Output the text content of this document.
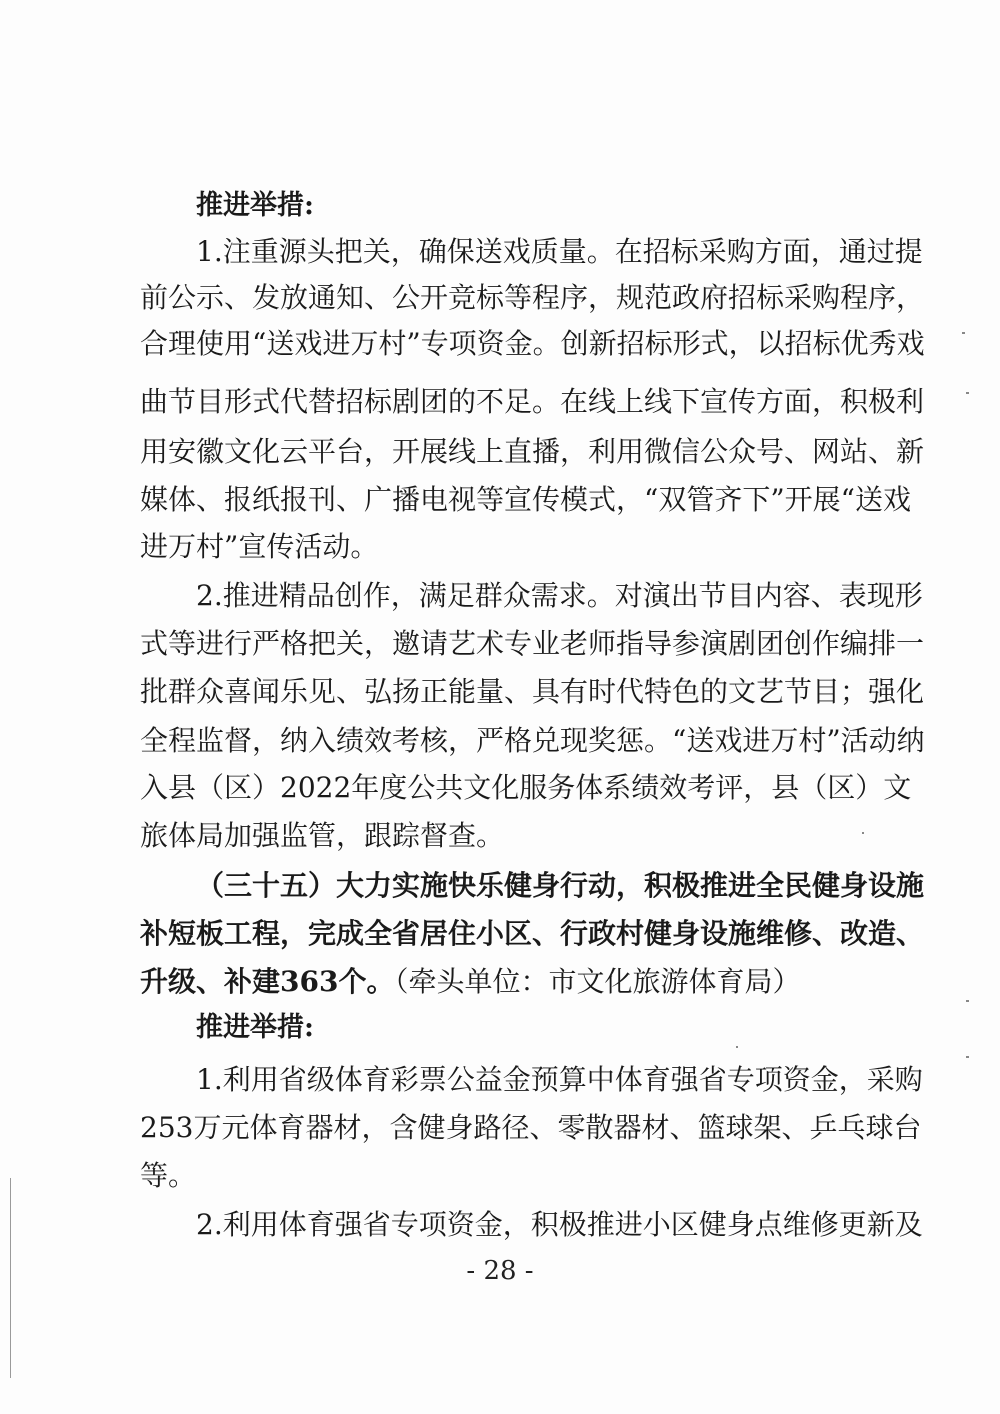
推进举措:
1.注重源头把关，确保送戏质量。在招标采购方面，通过提
前公示、发放通知、公开竞标等程序，规范政府招标采购程序，
合理使用“送戏进万村”专项资金。创新招标形式，以招标优秀戏
曲节目形式代替招标剧团的不足。在线上线下宣传方面，积极利
用安徽文化云平台，开展线上直播，利用微信公众号、网站、新
媒体、报纸报刊、广播电视等宣传模式，“双管齐下”开展“送戏
进万村”宣传活动。
2.推进精品创作，满足群众需求。对演出节目内容、表现形
式等进行严格把关，邀请艺术专业老师指导参演剧团创作编排一
批群众喜闻乐见、弘扬正能量、具有时代特色的文艺节目；强化
全程监督，纳入绩效考核，严格兑现奖惩。“送戏进万村”活动纳
入县（区）2022年度公共文化服务体系绩效考评，县（区）文
旅体局加强监管，跟踪督查。
（三十五）大力实施快乐健身行动，积极推进全民健身设施
补短板工程，完成全省居住小区、行政村健身设施维修、改造、
升级、补建363个。（牵头单位：市文化旅游体育局）
推进举措:
1.利用省级体育彩票公益金预算中体育强省专项资金，采购
253万元体育器材，含健身路径、零散器材、篮球架、乒乓球台
等。
2.利用体育强省专项资金，积极推进小区健身点维修更新及
- 28 -
